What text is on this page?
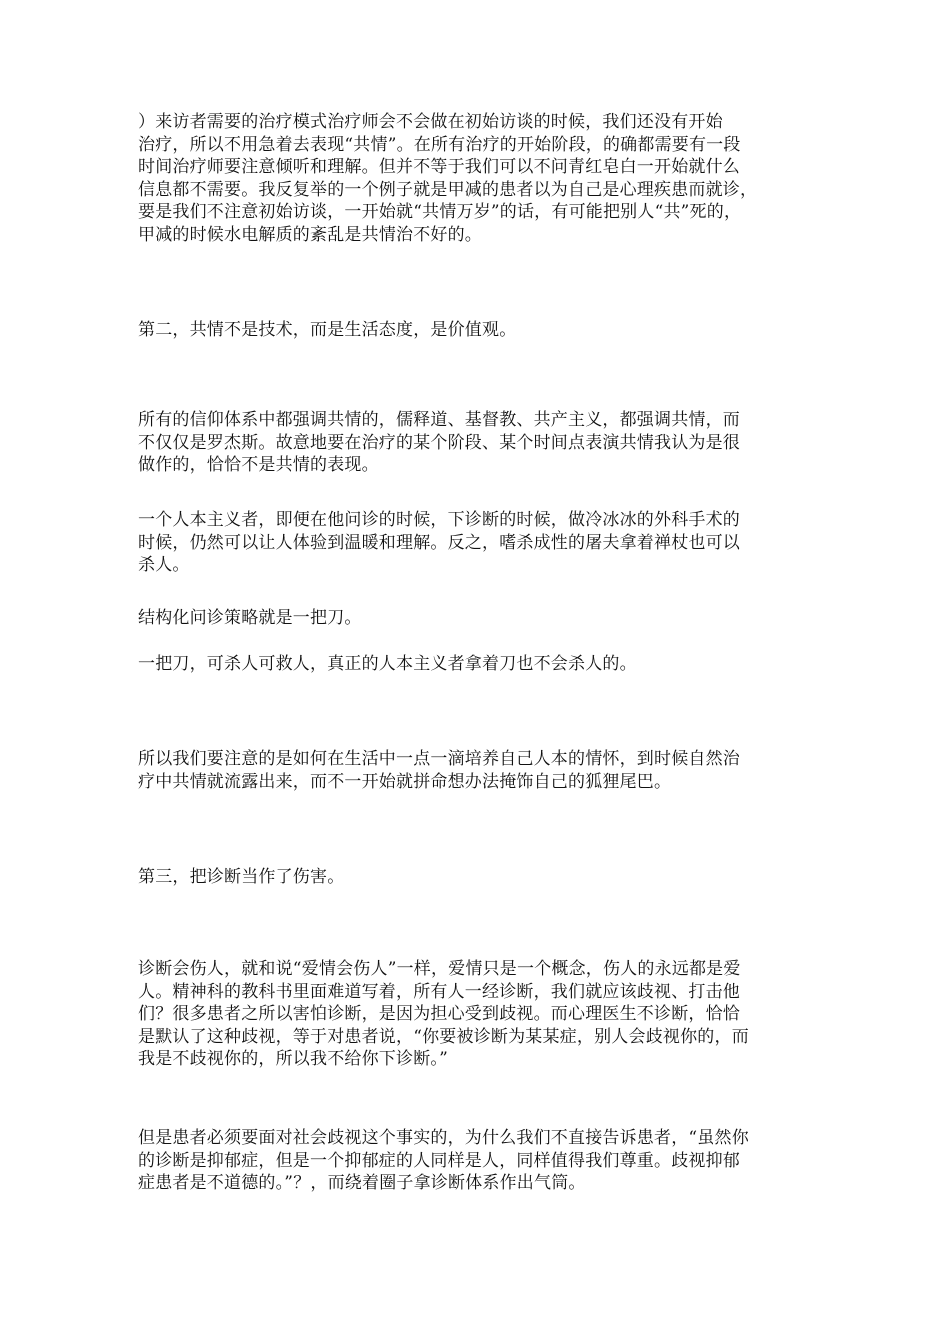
）来访者需要的治疗模式治疗师会不会做在初始访谈的时候，我们还没有开始
治疗，所以不用急着去表现“共情”。在所有治疗的开始阶段，的确都需要有一段
时间治疗师要注意倾听和理解。但并不等于我们可以不问青红皂白一开始就什么
信息都不需要。我反复举的一个例子就是甲减的患者以为自己是心理疾患而就诊，
要是我们不注意初始访谈，一开始就“共情万岁”的话，有可能把别人“共”死的，
甲减的时候水电解质的紊乱是共情治不好的。
第二，共情不是技术，而是生活态度，是价值观。
所有的信仰体系中都强调共情的，儒释道、基督教、共产主义，都强调共情，而
不仅仅是罗杰斯。故意地要在治疗的某个阶段、某个时间点表演共情我认为是很
做作的，恰恰不是共情的表现。
一个人本主义者，即便在他问诊的时候，下诊断的时候，做冷冰冰的外科手术的
时候，仍然可以让人体验到温暖和理解。反之，嗜杀成性的屠夫拿着禅杖也可以
杀人。
结构化问诊策略就是一把刀。
一把刀，可杀人可救人，真正的人本主义者拿着刀也不会杀人的。
所以我们要注意的是如何在生活中一点一滴培养自己人本的情怀，到时候自然治
疗中共情就流露出来，而不一开始就拼命想办法掩饰自己的狐狸尾巴。
第三，把诊断当作了伤害。
诊断会伤人，就和说“爱情会伤人”一样，爱情只是一个概念，伤人的永远都是爱
人。精神科的教科书里面难道写着，所有人一经诊断，我们就应该歧视、打击他
们？很多患者之所以害怕诊断，是因为担心受到歧视。而心理医生不诊断，恰恰
是默认了这种歧视，等于对患者说，“你要被诊断为某某症，别人会歧视你的，而
我是不歧视你的，所以我不给你下诊断。”
但是患者必须要面对社会歧视这个事实的，为什么我们不直接告诉患者，“虽然你
的诊断是抑郁症，但是一个抑郁症的人同样是人，同样值得我们尊重。歧视抑郁
症患者是不道德的。”？，而绕着圈子拿诊断体系作出气筒。
